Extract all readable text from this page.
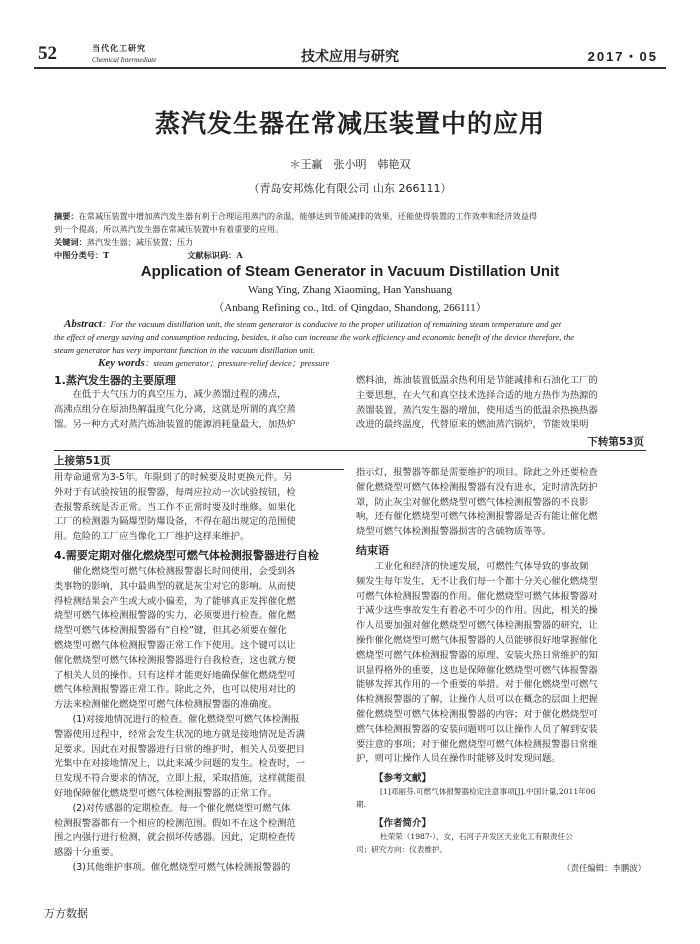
52	当代化工研究
Chemical Intermediate	技术应用与研究	2017・05
蒸汽发生器在常减压装置中的应用
＊王赢　张小明　韩艳双
（青岛安邦炼化有限公司 山东 266111）
摘要：在常减压装置中增加蒸汽发生器有利于合理运用蒸汽的余温，能够达到节能减排的效果，还能使得装置的工作效率和经济效益得
到一个提高，所以蒸汽发生器在常减压装置中有着重要的应用。
关键词：蒸汽发生器；减压装置；压力
中图分类号：T	文献标识码：A
Application of Steam Generator in Vacuum Distillation Unit
Wang Ying, Zhang Xiaoming, Han Yanshuang
（Anbang Refining co., ltd. of Qingdao, Shandong, 266111）
Abstract：For the vacuum distillation unit, the steam generator is conducive to the proper utilization of remaining steam temperature and get
the effect of energy saving and consumption reducing, besides, it also can increase the work efficiency and economic benefit of the device therefore, the
steam generator has very important function in the vacuum distillation unit.
Key words：steam generator；pressure-relief device；pressure
1.蒸汽发生器的主要原理
在低于大气压力的真空压力，减少蒸馏过程的沸点，
高沸点组分在原油热解温度气化分离，这就是所谓的真空蒸
馏。另一种方式对蒸汽炼油装置的能源消耗量最大，加热炉
燃料油，炼油装置低温余热利用是节能减排和石油化工厂的
主要思想，在大气和真空技术选择合适的地方热作为热源的
蒸馏装置，蒸汽发生器的增加，使用适当的低温余热换热器
改进的最终温度，代替原来的燃油蒸汽锅炉，节能效果明
下转第53页
上接第51页
用寿命通常为3-5年。年限到了的时候要及时更换元件。另
外对于有试验按钮的报警器，每周应拉动一次试验按钮，检
查报警系统是否正常。当工作不正常时要及时维修。如果化
工厂的检测器为隔爆型防爆设备，不得在超出规定的范围使
用。危险的工厂应当像化工厂维护这样来维护。
4.需要定期对催化燃烧型可燃气体检测报警器进行自检
催化燃烧型可燃气体检测报警器长时间使用，会受到各
类事物的影响，其中最典型的就是灰尘对它的影响。从而使
得检测结果会产生或大或小偏差，为了能够真正发挥催化燃
烧型可燃气体检测报警器的实力，必须要进行检查。催化燃
烧型可燃气体检测报警器有“自检”键，但其必须要在催化
燃烧型可燃气体检测报警器正常工作下使用。这个键可以让
催化燃烧型可燃气体检测报警器进行自我检查，这也就方便
了相关人员的操作。只有这样才能更好地确保催化燃烧型可
燃气体检测报警器正常工作。除此之外，也可以使用对比的
方法来检测催化燃烧型可燃气体检测报警器的准确度。
(1)对接地情况进行的检查。催化燃烧型可燃气体检测报
警器使用过程中，经常会发生状况的地方就是接地情况是否满
足要求。因此在对报警器进行日常的维护时，相关人员要把目
光集中在对接地情况上，以此来减少问题的发生。检查时，一
旦发现不符合要求的情况，立即上报，采取措施，这样就能很
好地保障催化燃烧型可燃气体检测报警器的正常工作。
(2)对传感器的定期检查。每一个催化燃烧型可燃气体
检测报警器都有一个相应的检测范围。假如不在这个检测范
围之内强行进行检测，就会损坏传感器。因此，定期检查传
感器十分重要。
(3)其他维护事项。催化燃烧型可燃气体检测报警器的
指示灯，报警器等都是需要维护的项目。除此之外还要检查
催化燃烧型可燃气体检测报警器有没有进水，定时清洗防护
罩，防止灰尘对催化燃烧型可燃气体检测报警器的不良影
响，还有催化燃烧型可燃气体检测报警器是否有能让催化燃
烧型可燃气体检测报警器损害的含硫物质等等。
结束语
工业化和经济的快速发展，可燃性气体导致的事故频
频发生每年发生，无不让我们每一个都十分关心催化燃烧型
可燃气体检测报警器的作用。催化燃烧型可燃气体报警器对
于减少这些事故发生有着必不可少的作用。因此，相关的操
作人员要加强对催化燃烧型可燃气体检测报警器的研究，让
操作催化燃烧型可燃气体报警器的人员能够很好地掌握催化
燃烧型可燃气体检测报警器的原理、安装火热日常维护的知
识显得格外的重要，这也是保障催化燃烧型可燃气体报警器
能够发挥其作用的一个重要的举措。对于催化燃烧型可燃气
体检测报警器的了解，让操作人员可以在概念的层面上把握
催化燃烧型可燃气体检测报警器的内容；对于催化燃烧型可
燃气体检测报警器的安装问题则可以让操作人员了解到安装
要注意的事项；对于催化燃烧型可燃气体检测报警器日常维
护，则可让操作人员在操作时能够及时发现问题。
【参考文献】
[1]邓丽芬.可燃气体报警器检定注意事项[J].中国计量,2011年06
期.
【作者简介】
杜荣荣（1987-），女，石河子开发区天业化工有限责任公
司；研究方向：仪表维护。
（责任编辑：李鹏波）
万方数据
